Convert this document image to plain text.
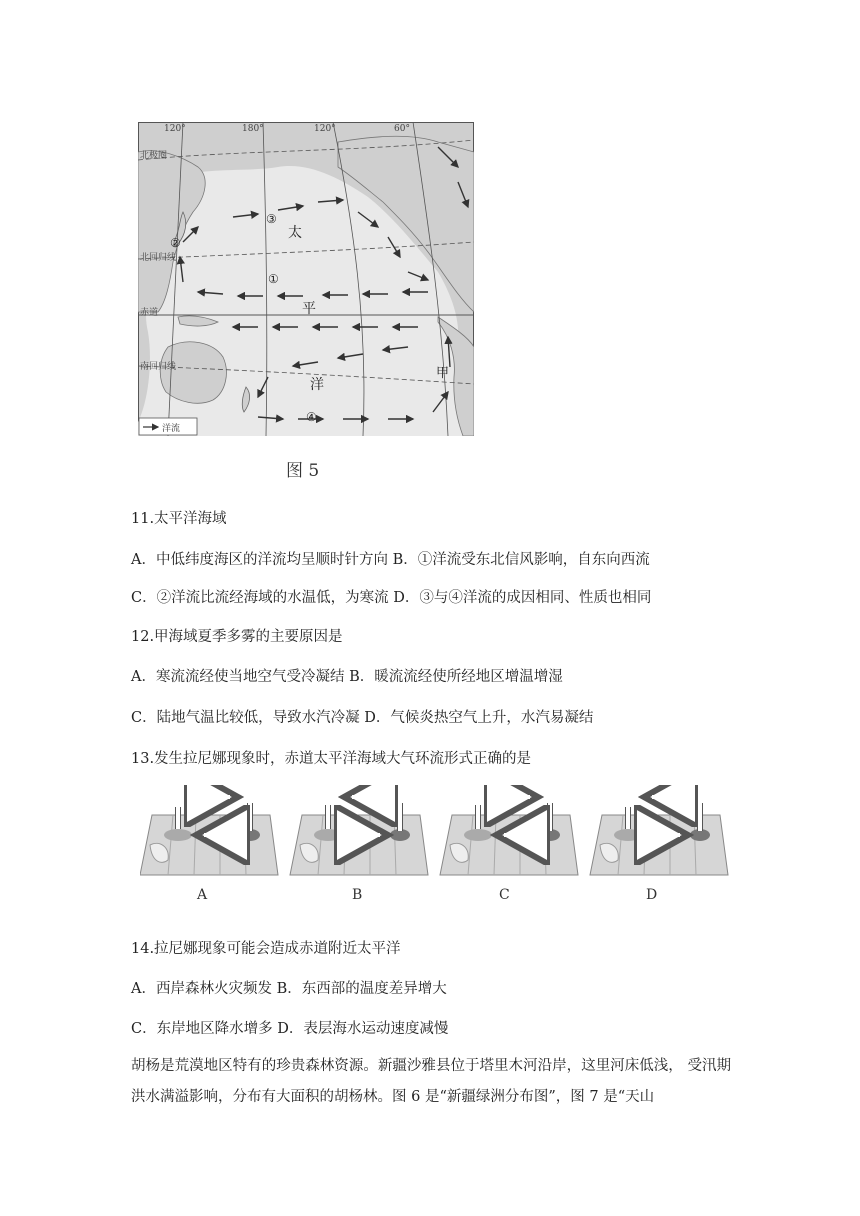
120°	180°	120°	60°
北极圈
北回归线
赤道
南回归线
太
平
洋
①
②
③
④
甲
洋流
图 5
11.太平洋海域
A．中低纬度海区的洋流均呈顺时针方向 B．①洋流受东北信风影响，自东向西流
C．②洋流比流经海域的水温低，为寒流 D．③与④洋流的成因相同、性质也相同
12.甲海域夏季多雾的主要原因是
A．寒流流经使当地空气受冷凝结 B．暖流流经使所经地区增温增湿
C．陆地气温比较低，导致水汽冷凝 D．气候炎热空气上升，水汽易凝结
13.发生拉尼娜现象时，赤道太平洋海域大气环流形式正确的是
A	B	C	D
14.拉尼娜现象可能会造成赤道附近太平洋
A．西岸森林火灾频发 B．东西部的温度差异增大
C．东岸地区降水增多 D．表层海水运动速度减慢
胡杨是荒漠地区特有的珍贵森林资源。新疆沙雅县位于塔里木河沿岸，这里河床低浅， 受汛期洪水满溢影响，分布有大面积的胡杨林。图 6 是“新疆绿洲分布图”，图 7 是“天山
